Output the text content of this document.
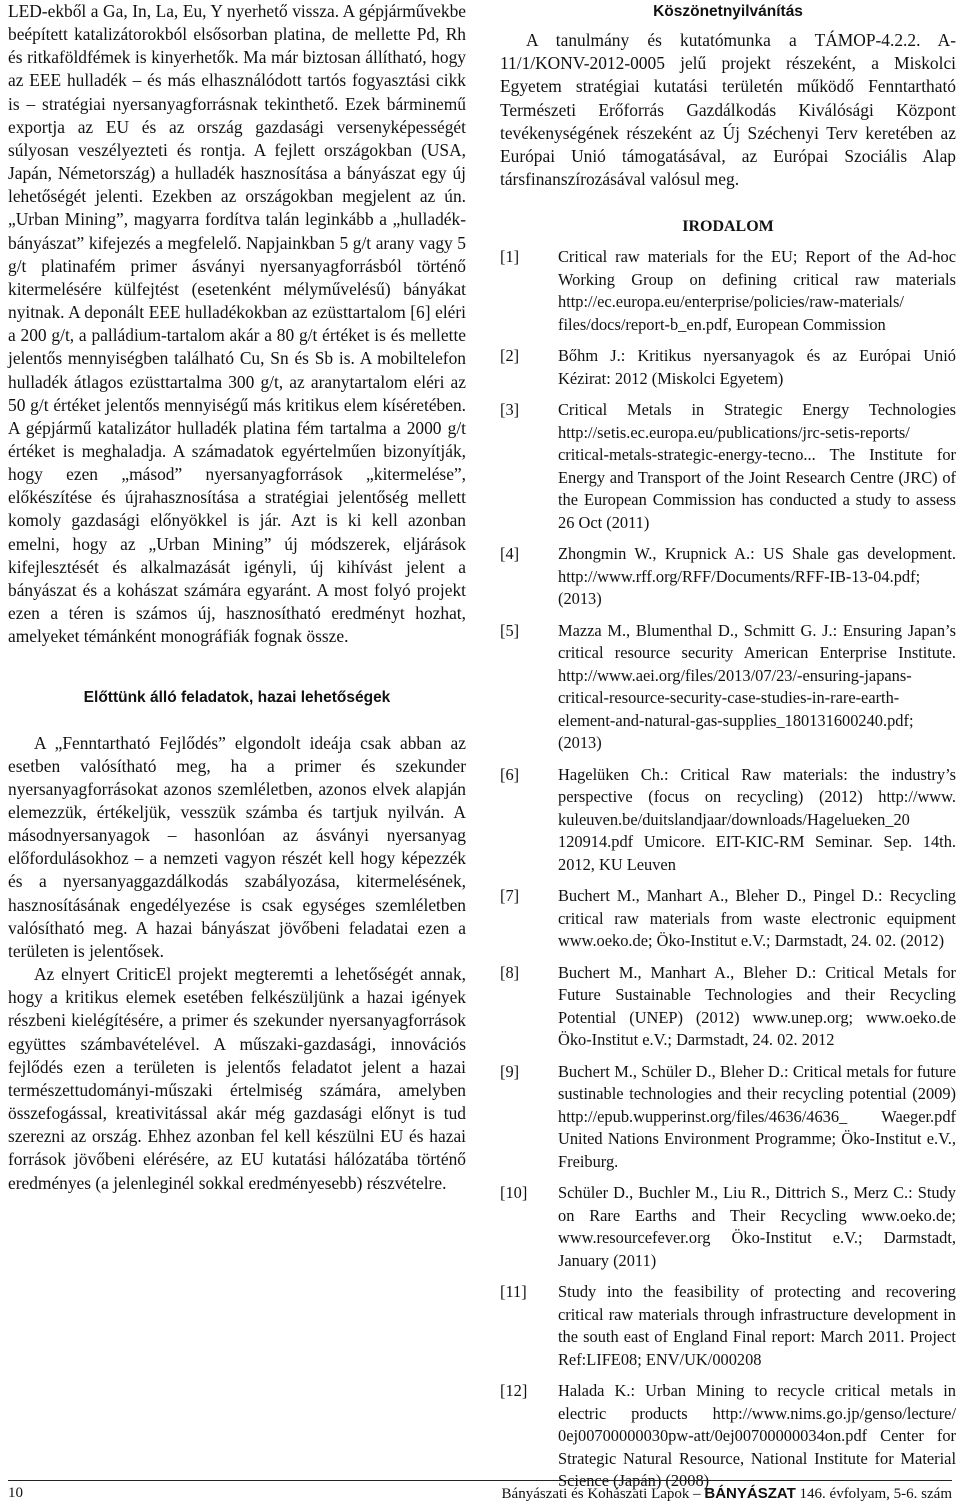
LED-ekből a Ga, In, La, Eu, Y nyerhető vissza. A gépjárművekbe beépített katalizátorokból elsősorban platina, de mellette Pd, Rh és ritkaföldfémek is kinyerhetők. Ma már biztosan állítható, hogy az EEE hulladék – és más elhasználódott tartós fogyasztási cikk is – stratégiai nyersanyagforrásnak tekinthető. Ezek bárminemű exportja az EU és az ország gazdasági versenyképességét súlyosan veszélyezteti és rontja. A fejlett országokban (USA, Japán, Németország) a hulladék hasznosítása a bányászat egy új lehetőségét jelenti. Ezekben az országokban megjelent az ún. „Urban Mining”, magyarra fordítva talán leginkább a „hulladék-bányászat” kifejezés a megfelelő. Napjainkban 5 g/t arany vagy 5 g/t platinafém primer ásványi nyersanyagforrásból történő kitermelésére külfejtést (esetenként mélyművelésű) bányákat nyitnak. A deponált EEE hulladékokban az ezüsttartalom [6] eléri a 200 g/t, a palládium-tartalom akár a 80 g/t értéket is és mellette jelentős mennyiségben található Cu, Sn és Sb is. A mobiltelefon hulladék átlagos ezüsttartalma 300 g/t, az aranytartalom eléri az 50 g/t értéket jelentős mennyiségű más kritikus elem kíséretében. A gépjármű katalizátor hulladék platina fém tartalma a 2000 g/t értéket is meghaladja. A számadatok egyértelműen bizonyítják, hogy ezen „másod” nyersanyagforrások „kitermelése”, előkészítése és újrahasznosítása a stratégiai jelentőség mellett komoly gazdasági előnyökkel is jár. Azt is ki kell azonban emelni, hogy az „Urban Mining” új módszerek, eljárások kifejlesztését és alkalmazását igényli, új kihívást jelent a bányászat és a kohászat számára egyaránt. A most folyó projekt ezen a téren is számos új, hasznosítható eredményt hozhat, amelyeket témánként monográfiák fognak össze.

Előttünk álló feladatok, hazai lehetőségek

A „Fenntartható Fejlődés” elgondolt ideája csak abban az esetben valósítható meg, ha a primer és szekunder nyersanyagforrásokat azonos szemléletben, azonos elvek alapján elemezzük, értékeljük, vesszük számba és tartjuk nyilván. A másodnyersanyagok – hasonlóan az ásványi nyersanyag előfordulásokhoz – a nemzeti vagyon részét kell hogy képezzék és a nyersanyaggazdálkodás szabályozása, kitermelésének, hasznosításának engedélyezése is csak egységes szemléletben valósítható meg. A hazai bányászat jövőbeni feladatai ezen a területen is jelentősek.

Az elnyert CriticEl projekt megteremti a lehetőségét annak, hogy a kritikus elemek esetében felkészüljünk a hazai igények részbeni kielégítésére, a primer és szekunder nyersanyagforrások együttes számbavételével. A műszaki-gazdasági, innovációs fejlődés ezen a területen is jelentős feladatot jelent a hazai természettudományi-műszaki értelmiség számára, amelyben összefogással, kreativitással akár még gazdasági előnyt is tud szerezni az ország. Ehhez azonban fel kell készülni EU és hazai források jövőbeni elérésére, az EU kutatási hálózatába történő eredményes (a jelenleginél sokkal eredményesebb) részvételre.

Köszönetnyilvánítás

A tanulmány és kutatómunka a TÁMOP-4.2.2. A-11/1/KONV-2012-0005 jelű projekt részeként, a Miskolci Egyetem stratégiai kutatási területén működő Fenntartható Természeti Erőforrás Gazdálkodás Kiválósági Központ tevékenységének részeként az Új Széchenyi Terv keretében az Európai Unió támogatásával, az Európai Szociális Alap társfinanszírozásával valósul meg.

IRODALOM
[1]	Critical raw materials for the EU; Report of the Ad-hoc Working Group on defining critical raw materials http://ec.europa.eu/enterprise/policies/raw-materials/ files/docs/report-b_en.pdf, European Commission
[2]	Bőhm J.: Kritikus nyersanyagok és az Európai Unió Kézirat: 2012 (Miskolci Egyetem)
[3]	Critical Metals in Strategic Energy Technologies http://setis.ec.europa.eu/publications/jrc-setis-reports/ critical-metals-strategic-energy-tecno... The Institute for Energy and Transport of the Joint Research Centre (JRC) of the European Commission has conducted a study to assess 26 Oct (2011)
[4]	Zhongmin W., Krupnick A.: US Shale gas development. http://www.rff.org/RFF/Documents/RFF-IB-13-04.pdf; (2013)
[5]	Mazza M., Blumenthal D., Schmitt G. J.: Ensuring Japan’s critical resource security American Enterprise Institute. http://www.aei.org/files/2013/07/23/-ensuring-japans-critical-resource-security-case-studies-in-rare-earth-element-and-natural-gas-supplies_180131600240.pdf; (2013)
[6]	Hagelüken Ch.: Critical Raw materials: the industry’s perspective (focus on recycling) (2012) http://www. kuleuven.be/duitslandjaar/downloads/Hagelueken_20 120914.pdf Umicore. EIT-KIC-RM Seminar. Sep. 14th. 2012, KU Leuven
[7]	Buchert M., Manhart A., Bleher D., Pingel D.: Recycling critical raw materials from waste electronic equipment www.oeko.de; Öko-Institut e.V.; Darmstadt, 24. 02. (2012)
[8]	Buchert M., Manhart A., Bleher D.: Critical Metals for Future Sustainable Technologies and their Recycling Potential (UNEP) (2012) www.unep.org; www.oeko.de Öko-Institut e.V.; Darmstadt, 24. 02. 2012
[9]	Buchert M., Schüler D., Bleher D.: Critical metals for future sustinable technologies and their recycling potential (2009) http://epub.wupperinst.org/files/4636/4636_ Waeger.pdf United Nations Environment Programme; Öko-Institut e.V., Freiburg.
[10]	Schüler D., Buchler M., Liu R., Dittrich S., Merz C.: Study on Rare Earths and Their Recycling www.oeko.de; www.resourcefever.org Öko-Institut e.V.; Darmstadt, January (2011)
[11]	Study into the feasibility of protecting and recovering critical raw materials through infrastructure development in the south east of England Final report: March 2011. Project Ref:LIFE08; ENV/UK/000208
[12]	Halada K.: Urban Mining to recycle critical metals in electric products http://www.nims.go.jp/genso/lecture/ 0ej00700000030pw-att/0ej00700000034on.pdf Center for Strategic Natural Resource, National Institute for Material Science (Japán) (2008)
10	Bányászati és Kohászati Lapok – BÁNYÁSZAT 146. évfolyam, 5-6. szám
